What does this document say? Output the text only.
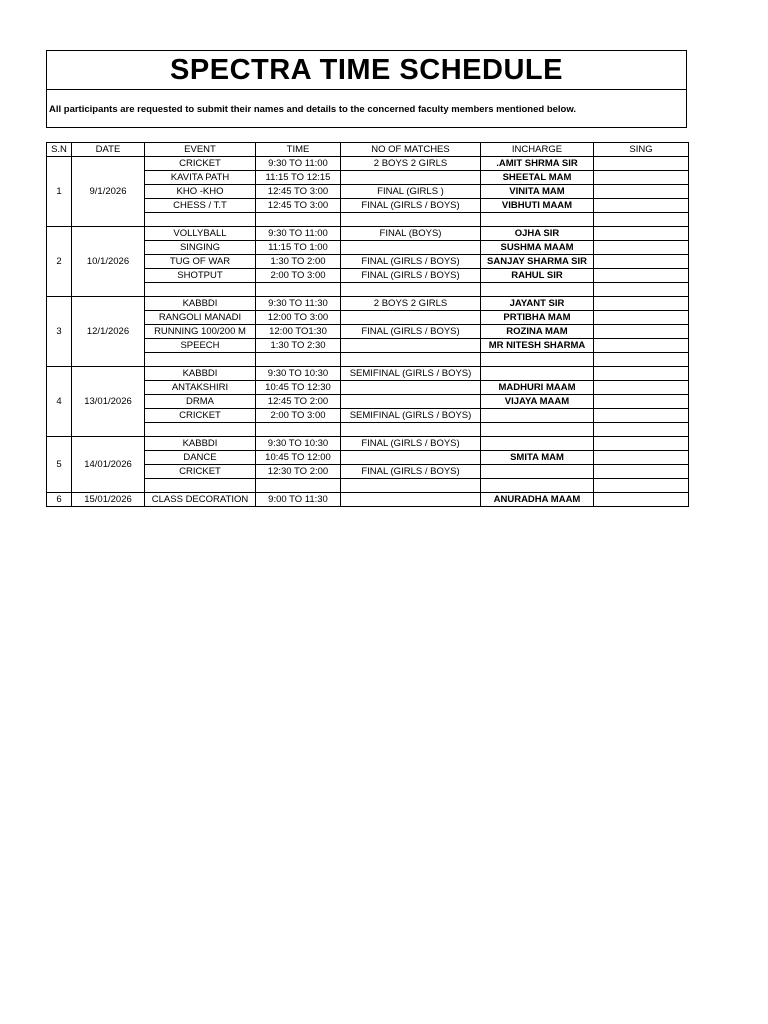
SPECTRA TIME SCHEDULE
All participants are requested to submit their names and details to the concerned faculty members mentioned below.
S.N	DATE	EVENT	TIME	NO OF MATCHES	INCHARGE	SING
1	9/1/2026	CRICKET	9:30 TO 11:00	2 BOYS 2 GIRLS	.AMIT SHRMA SIR	
		KAVITA PATH	11:15 TO 12:15		SHEETAL MAM	
		KHO -KHO	12:45 TO 3:00	FINAL (GIRLS )	VINITA MAM	
		CHESS / T.T	12:45 TO 3:00	FINAL (GIRLS / BOYS)	VIBHUTI MAAM	

2	10/1/2026	VOLLYBALL	9:30 TO 11:00	FINAL (BOYS)	OJHA SIR	
		SINGING	11:15 TO 1:00		SUSHMA MAAM	
		TUG OF WAR	1:30 TO 2:00	FINAL (GIRLS / BOYS)	SANJAY SHARMA SIR	
		SHOTPUT	2:00 TO 3:00	FINAL (GIRLS / BOYS)	RAHUL SIR	

3	12/1/2026	KABBDI	9:30 TO 11:30	2 BOYS 2 GIRLS	JAYANT SIR	
		RANGOLI MANADI	12:00 TO 3:00		PRTIBHA MAM	
		RUNNING 100/200 M	12:00 TO1:30	FINAL (GIRLS / BOYS)	ROZINA MAM	
		SPEECH	1:30 TO 2:30		MR NITESH SHARMA	

4	13/01/2026	KABBDI	9:30 TO 10:30	SEMIFINAL (GIRLS / BOYS)		
		ANTAKSHIRI	10:45 TO 12:30		MADHURI MAAM	
		DRMA	12:45 TO 2:00		VIJAYA MAAM	
		CRICKET	2:00 TO 3:00	SEMIFINAL (GIRLS / BOYS)		

5	14/01/2026	KABBDI	9:30 TO 10:30	FINAL (GIRLS / BOYS)		
		DANCE	10:45 TO 12:00		SMITA MAM	
		CRICKET	12:30 TO 2:00	FINAL (GIRLS / BOYS)		

6	15/01/2026	CLASS DECORATION	9:00 TO 11:30		ANURADHA MAAM	
